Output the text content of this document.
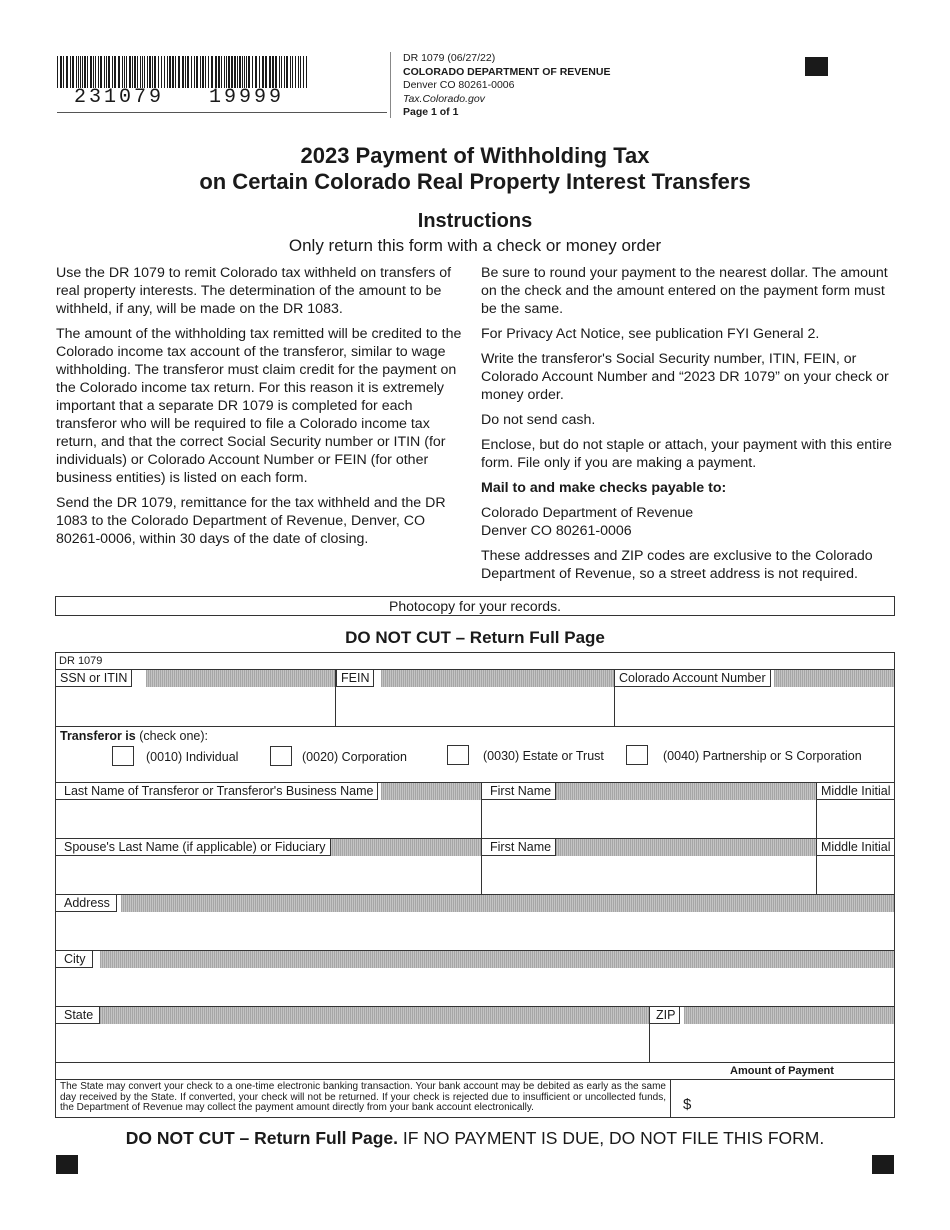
231079 19999
DR 1079 (06/27/22)
COLORADO DEPARTMENT OF REVENUE
Denver CO 80261-0006
Tax.Colorado.gov
Page 1 of 1
2023 Payment of Withholding Tax
on Certain Colorado Real Property Interest Transfers
Instructions
Only return this form with a check or money order

Use the DR 1079 to remit Colorado tax withheld on transfers of real property interests. The determination of the amount to be withheld, if any, will be made on the DR 1083.

The amount of the withholding tax remitted will be credited to the Colorado income tax account of the transferor, similar to wage withholding. The transferor must claim credit for the payment on the Colorado income tax return. For this reason it is extremely important that a separate DR 1079 is completed for each transferor who will be required to file a Colorado income tax return, and that the correct Social Security number or ITIN (for individuals) or Colorado Account Number or FEIN (for other business entities) is listed on each form.

Send the DR 1079, remittance for the tax withheld and the DR 1083 to the Colorado Department of Revenue, Denver, CO 80261-0006, within 30 days of the date of closing.

Be sure to round your payment to the nearest dollar. The amount on the check and the amount entered on the payment form must be the same.

For Privacy Act Notice, see publication FYI General 2.

Write the transferor's Social Security number, ITIN, FEIN, or Colorado Account Number and “2023 DR 1079” on your check or money order.

Do not send cash.

Enclose, but do not staple or attach, your payment with this entire form. File only if you are making a payment.

Mail to and make checks payable to:

Colorado Department of Revenue

Denver CO 80261-0006

These addresses and ZIP codes are exclusive to the Colorado Department of Revenue, so a street address is not required.

Photocopy for your records.
DO NOT CUT – Return Full Page
DR 1079
SSN or ITIN	FEIN	Colorado Account Number
Transferor is (check one):
(0010) Individual	(0020) Corporation	(0030) Estate or Trust	(0040) Partnership or S Corporation
Last Name of Transferor or Transferor's Business Name	First Name	Middle Initial
Spouse's Last Name (if applicable) or Fiduciary	First Name	Middle Initial
Address
City
State	ZIP
Amount of Payment
The State may convert your check to a one-time electronic banking transaction. Your bank account may be debited as early as the same day received by the State. If converted, your check will not be returned. If your check is rejected due to insufficient or uncollected funds, the Department of Revenue may collect the payment amount directly from your bank account electronically.	$
DO NOT CUT – Return Full Page. IF NO PAYMENT IS DUE, DO NOT FILE THIS FORM.
